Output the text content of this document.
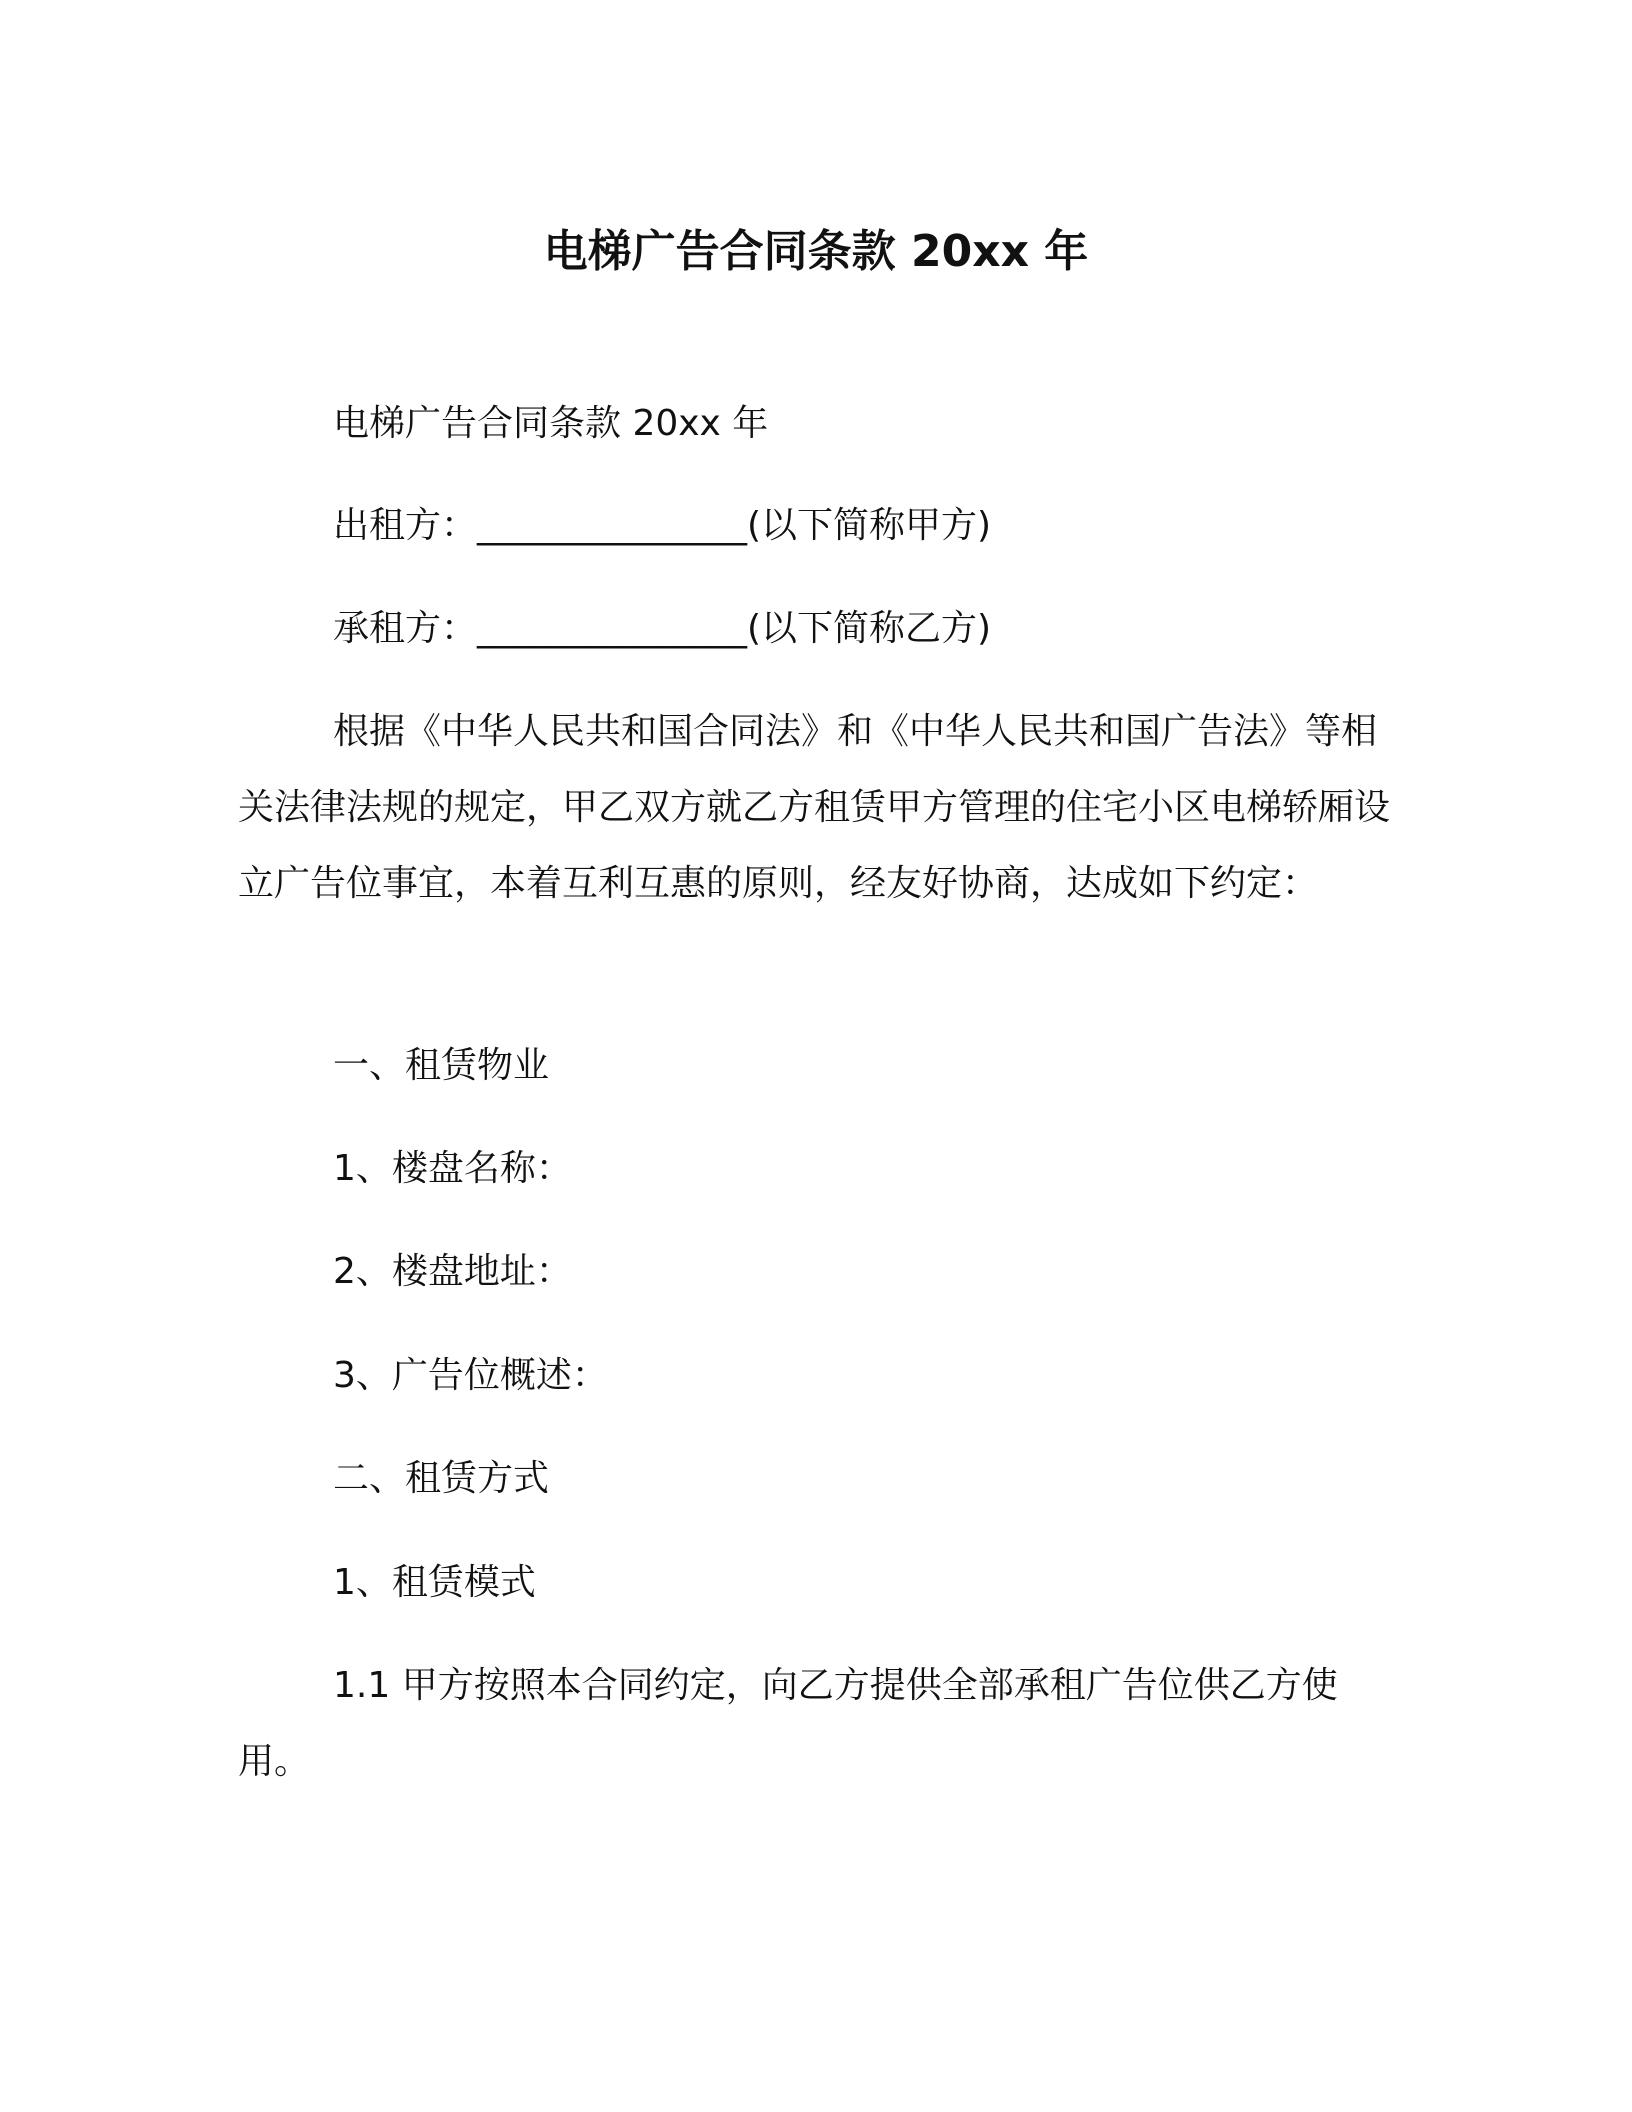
电梯广告合同条款 20xx 年
电梯广告合同条款 20xx 年
出租方：_______________(以下简称甲方)
承租方：_______________(以下简称乙方)
根据《中华人民共和国合同法》和《中华人民共和国广告法》等相关法律法规的规定，甲乙双方就乙方租赁甲方管理的住宅小区电梯轿厢设立广告位事宜，本着互利互惠的原则，经友好协商，达成如下约定：
一、租赁物业
1、楼盘名称：
2、楼盘地址：
3、广告位概述：
二、租赁方式
1、租赁模式
1.1 甲方按照本合同约定，向乙方提供全部承租广告位供乙方使用。
